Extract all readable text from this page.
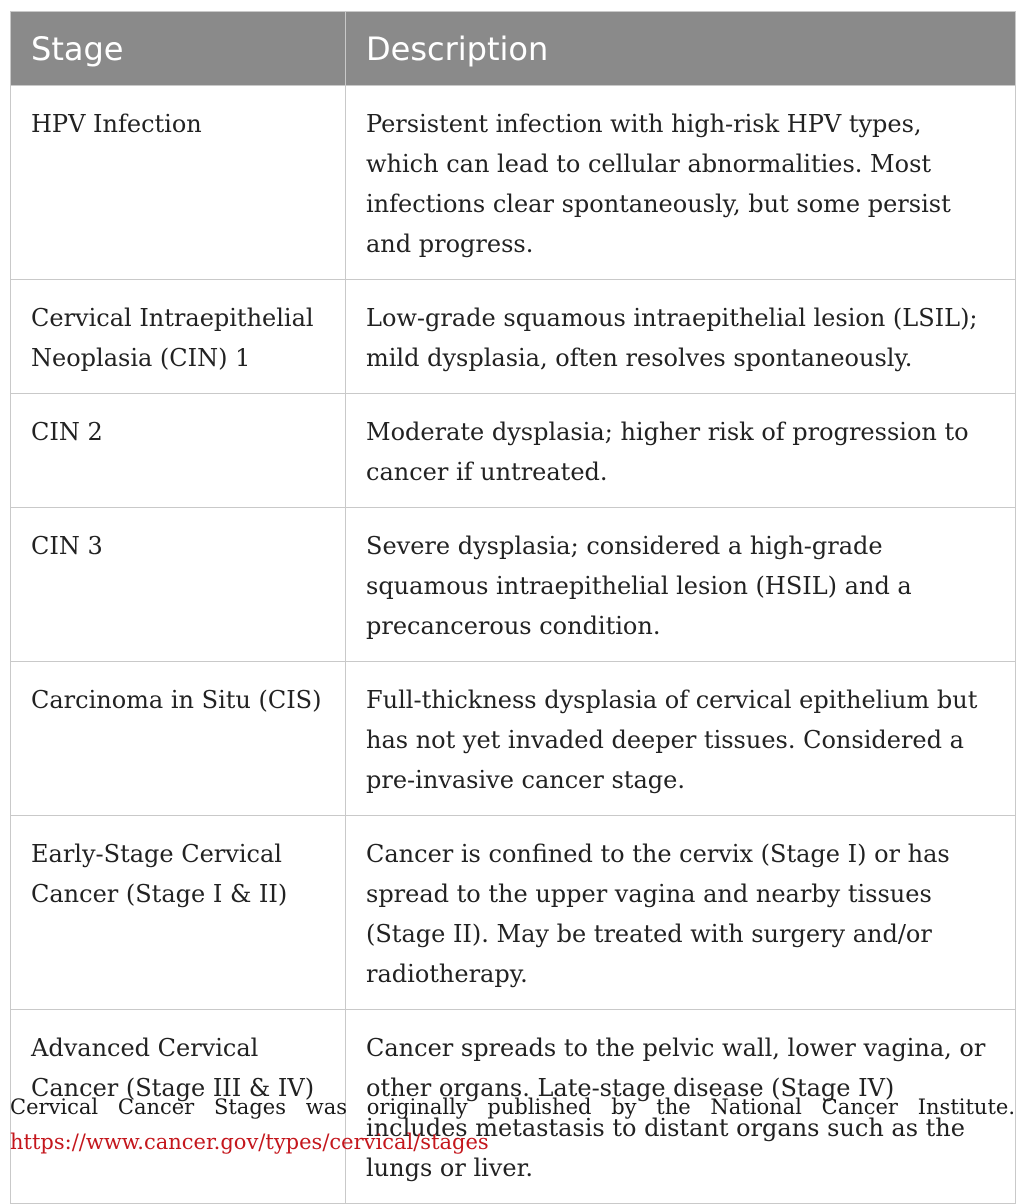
Stage	Description
HPV Infection	Persistent infection with high-risk HPV types, which can lead to cellular abnormalities. Most infections clear spontaneously, but some persist and progress.
Cervical Intraepithelial Neoplasia (CIN) 1	Low-grade squamous intraepithelial lesion (LSIL); mild dysplasia, often resolves spontaneously.
CIN 2	Moderate dysplasia; higher risk of progression to cancer if untreated.
CIN 3	Severe dysplasia; considered a high-grade squamous intraepithelial lesion (HSIL) and a precancerous condition.
Carcinoma in Situ (CIS)	Full-thickness dysplasia of cervical epithelium but has not yet invaded deeper tissues. Considered a pre-invasive cancer stage.
Early-Stage Cervical Cancer (Stage I & II)	Cancer is confined to the cervix (Stage I) or has spread to the upper vagina and nearby tissues (Stage II). May be treated with surgery and/or radiotherapy.
Advanced Cervical Cancer (Stage III & IV)	Cancer spreads to the pelvic wall, lower vagina, or other organs. Late-stage disease (Stage IV) includes metastasis to distant organs such as the lungs or liver.
Cervical Cancer Stages was originally published by the National Cancer Institute. https://www.cancer.gov/types/cervical/stages
